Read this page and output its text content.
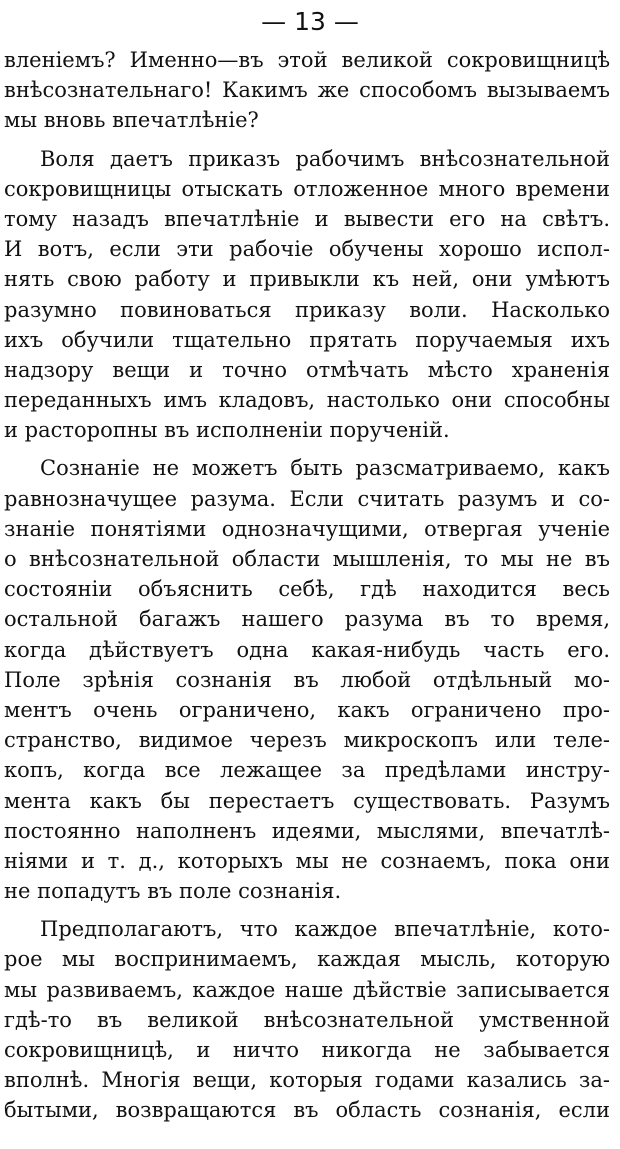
— 13 —
вленіемъ? Именно—въ этой великой сокровищницѣ
внѣсознательнаго! Какимъ же способомъ вызываемъ
мы вновь впечатлѣніе?
Воля даетъ приказъ рабочимъ внѣсознательной
сокровищницы отыскать отложенное много времени
тому назадъ впечатлѣніе и вывести его на свѣтъ.
И вотъ, если эти рабочіе обучены хорошо испол-
нять свою работу и привыкли къ ней, они умѣютъ
разумно повиноваться приказу воли. Насколько
ихъ обучили тщательно прятать поручаемыя ихъ
надзору вещи и точно отмѣчать мѣсто храненія
переданныхъ имъ кладовъ, настолько они способны
и расторопны въ исполненіи порученій.
Сознаніе не можетъ быть разсматриваемо, какъ
равнозначущее разума. Если считать разумъ и со-
знаніе понятіями однозначущими, отвергая ученіе
о внѣсознательной области мышленія, то мы не въ
состояніи объяснить себѣ, гдѣ находится весь
остальной багажъ нашего разума въ то время,
когда дѣйствуетъ одна какая-нибудь часть его.
Поле зрѣнія сознанія въ любой отдѣльный мо-
ментъ очень ограничено, какъ ограничено про-
странство, видимое черезъ микроскопъ или теле-
копъ, когда все лежащее за предѣлами инстру-
мента какъ бы перестаетъ существовать. Разумъ
постоянно наполненъ идеями, мыслями, впечатлѣ-
ніями и т. д., которыхъ мы не сознаемъ, пока они
не попадутъ въ поле сознанія.
Предполагаютъ, что каждое впечатлѣніе, кото-
рое мы воспринимаемъ, каждая мысль, которую
мы развиваемъ, каждое наше дѣйствіе записывается
гдѣ-то въ великой внѣсознательной умственной
сокровищницѣ, и ничто никогда не забывается
вполнѣ. Многія вещи, которыя годами казались за-
бытыми, возвращаются въ область сознанія, если
